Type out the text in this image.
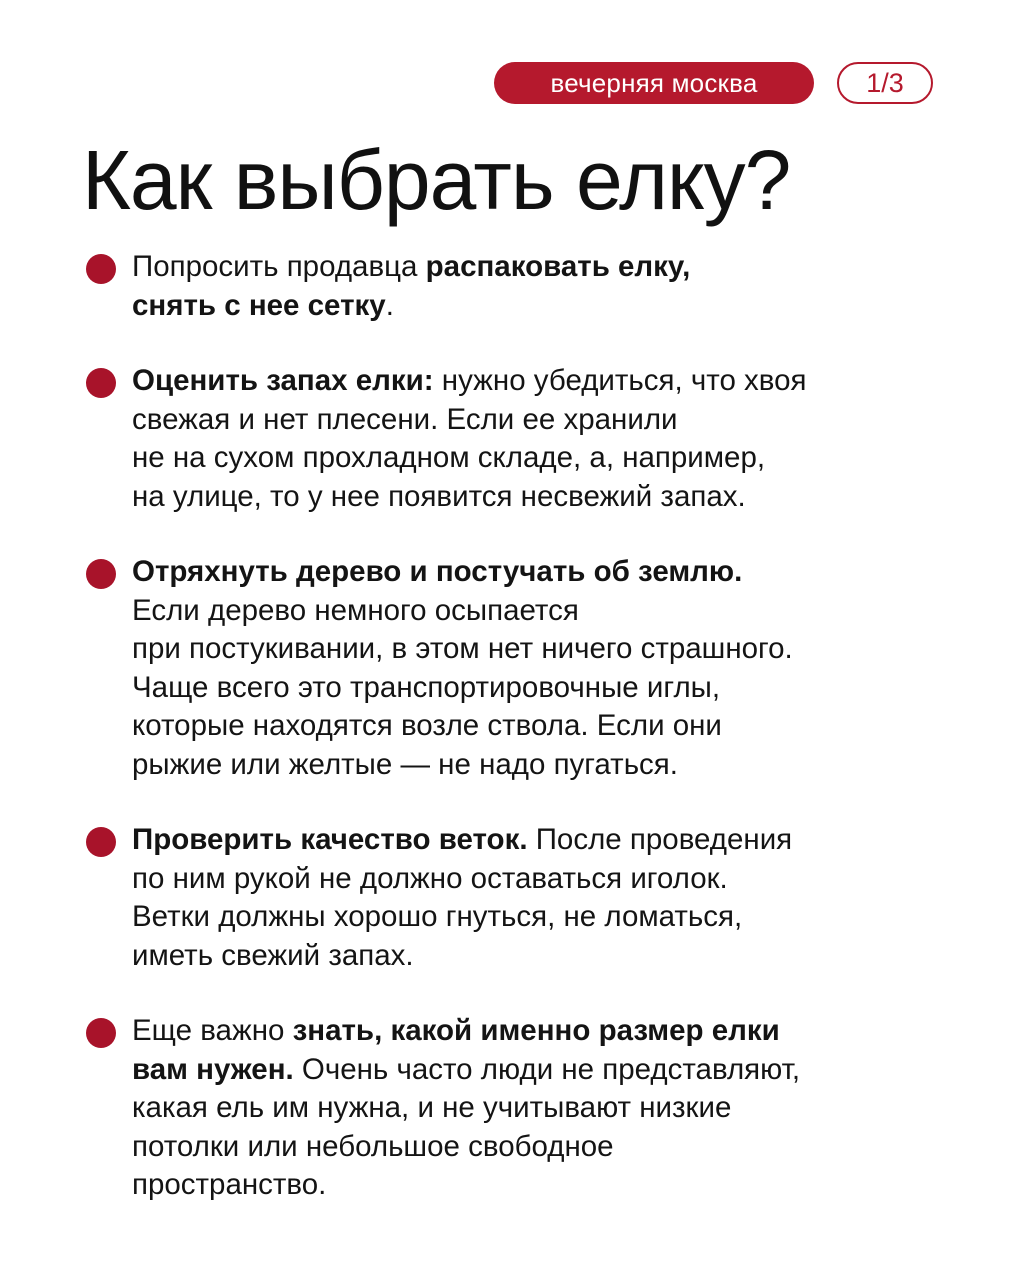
вечерняя москва	1/3
Как выбрать елку?
Попросить продавца распаковать елку,
снять с нее сетку.
Оценить запах елки: нужно убедиться, что хвоя
свежая и нет плесени. Если ее хранили
не на сухом прохладном складе, а, например,
на улице, то у нее появится несвежий запах.
Отряхнуть дерево и постучать об землю.
Если дерево немного осыпается
при постукивании, в этом нет ничего страшного.
Чаще всего это транспортировочные иглы,
которые находятся возле ствола. Если они
рыжие или желтые — не надо пугаться.
Проверить качество веток. После проведения
по ним рукой не должно оставаться иголок.
Ветки должны хорошо гнуться, не ломаться,
иметь свежий запах.
Еще важно знать, какой именно размер елки
вам нужен. Очень часто люди не представляют,
какая ель им нужна, и не учитывают низкие
потолки или небольшое свободное
пространство.
